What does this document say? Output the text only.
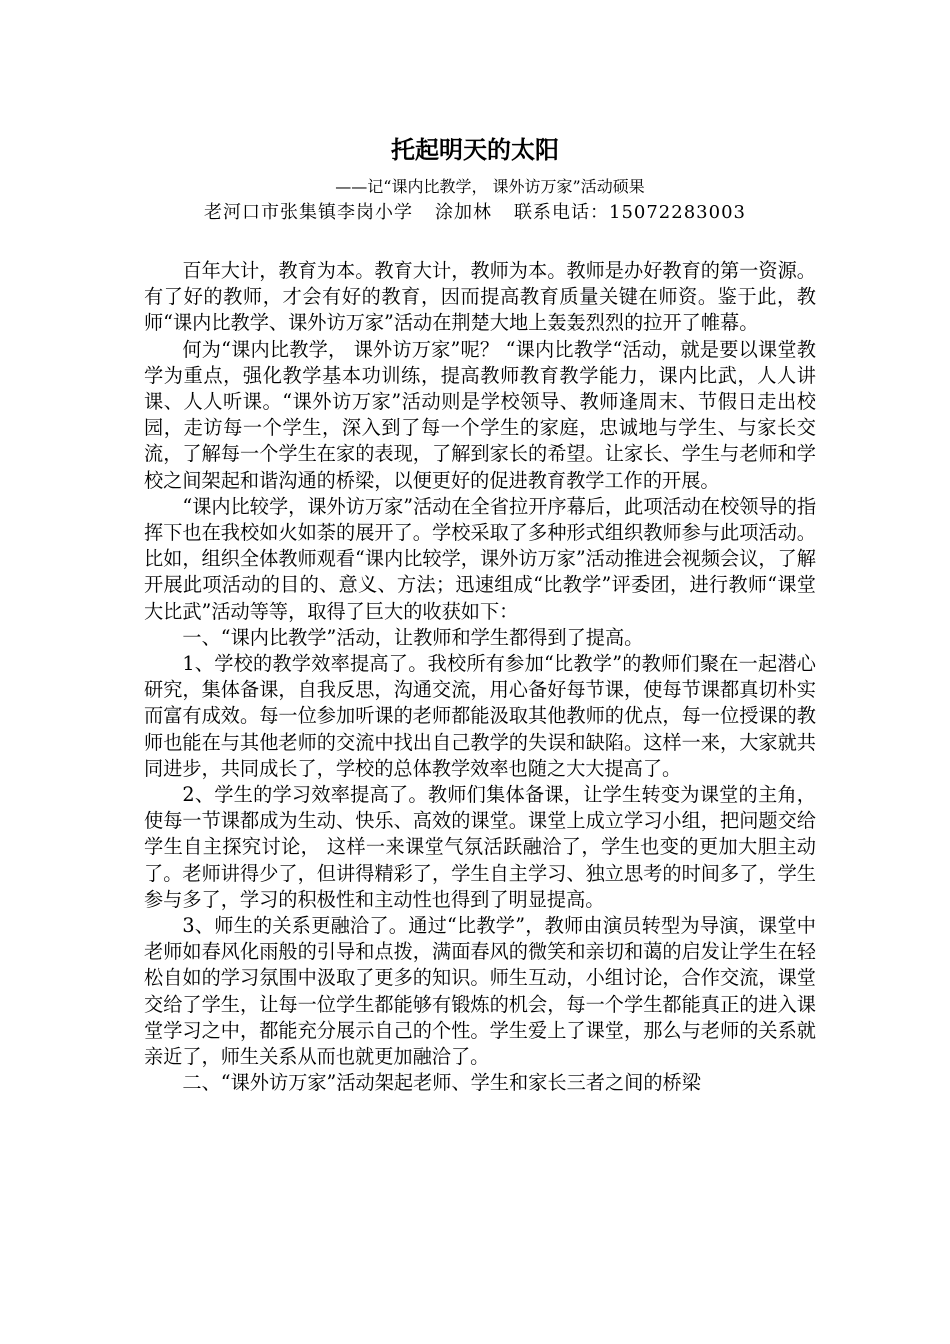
托起明天的太阳
——记“课内比教学， 课外访万家”活动硕果
老河口市张集镇李岗小学 涂加林 联系电话：15072283003

百年大计，教育为本。教育大计，教师为本。教师是办好教育的第一资源。有了好的教师，才会有好的教育，因而提高教育质量关键在师资。鉴于此，教师“课内比教学、课外访万家”活动在荆楚大地上轰轰烈烈的拉开了帷幕。

何为“课内比教学， 课外访万家”呢？ “课内比教学“活动，就是要以课堂教学为重点，强化教学基本功训练，提高教师教育教学能力，课内比武，人人讲课、人人听课。“课外访万家”活动则是学校领导、教师逢周末、节假日走出校园，走访每一个学生，深入到了每一个学生的家庭，忠诚地与学生、与家长交流，了解每一个学生在家的表现，了解到家长的希望。让家长、学生与老师和学校之间架起和谐沟通的桥梁，以便更好的促进教育教学工作的开展。

“课内比较学，课外访万家”活动在全省拉开序幕后，此项活动在校领导的指挥下也在我校如火如荼的展开了。学校采取了多种形式组织教师参与此项活动。比如，组织全体教师观看“课内比较学，课外访万家”活动推进会视频会议，了解开展此项活动的目的、意义、方法；迅速组成“比教学”评委团，进行教师“课堂大比武”活动等等，取得了巨大的收获如下：

一、“课内比教学”活动，让教师和学生都得到了提高。

1、学校的教学效率提高了。我校所有参加“比教学”的教师们聚在一起潜心研究，集体备课，自我反思，沟通交流，用心备好每节课，使每节课都真切朴实而富有成效。每一位参加听课的老师都能汲取其他教师的优点，每一位授课的教师也能在与其他老师的交流中找出自己教学的失误和缺陷。这样一来，大家就共同进步，共同成长了，学校的总体教学效率也随之大大提高了。

2、学生的学习效率提高了。教师们集体备课，让学生转变为课堂的主角，使每一节课都成为生动、快乐、高效的课堂。课堂上成立学习小组，把问题交给学生自主探究讨论， 这样一来课堂气氛活跃融洽了，学生也变的更加大胆主动了。老师讲得少了，但讲得精彩了，学生自主学习、独立思考的时间多了，学生参与多了，学习的积极性和主动性也得到了明显提高。

3、师生的关系更融洽了。通过“比教学”，教师由演员转型为导演，课堂中老师如春风化雨般的引导和点拨，满面春风的微笑和亲切和蔼的启发让学生在轻松自如的学习氛围中汲取了更多的知识。师生互动，小组讨论，合作交流，课堂交给了学生，让每一位学生都能够有锻炼的机会，每一个学生都能真正的进入课堂学习之中，都能充分展示自己的个性。学生爱上了课堂，那么与老师的关系就亲近了，师生关系从而也就更加融洽了。

二、“课外访万家”活动架起老师、学生和家长三者之间的桥梁
